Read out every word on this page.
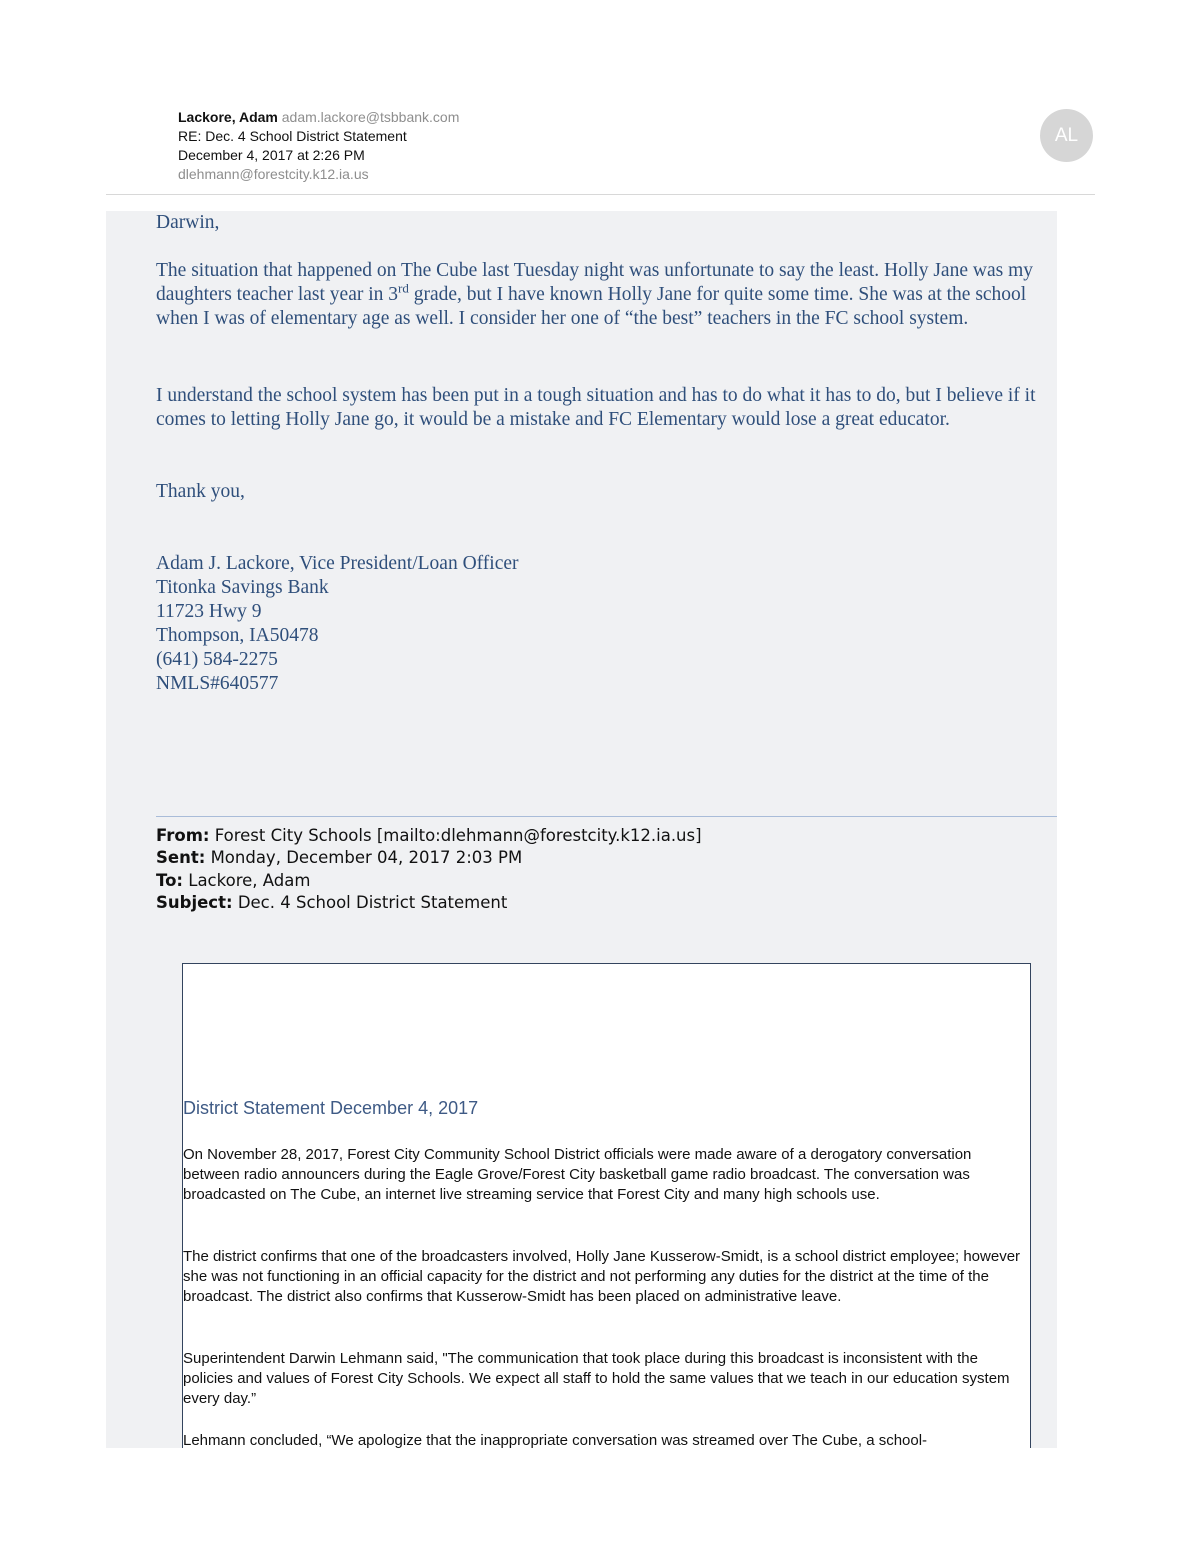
Lackore, Adam adam.lackore@tsbbank.com
RE: Dec. 4 School District Statement
December 4, 2017 at 2:26 PM
dlehmann@forestcity.k12.ia.us
AL
Darwin,
The situation that happened on The Cube last Tuesday night was unfortunate to say the least. Holly Jane was my daughters teacher last year in 3rd grade, but I have known Holly Jane for quite some time. She was at the school when I was of elementary age as well. I consider her one of “the best” teachers in the FC school system.
I understand the school system has been put in a tough situation and has to do what it has to do, but I believe if it comes to letting Holly Jane go, it would be a mistake and FC Elementary would lose a great educator.
Thank you,
Adam J. Lackore, Vice President/Loan Officer
Titonka Savings Bank
11723 Hwy 9
Thompson, IA50478
(641) 584-2275
NMLS#640577
From: Forest City Schools [mailto:dlehmann@forestcity.k12.ia.us]
Sent: Monday, December 04, 2017 2:03 PM
To: Lackore, Adam
Subject: Dec. 4 School District Statement
District Statement December 4, 2017
On November 28, 2017, Forest City Community School District officials were made aware of a derogatory conversation between radio announcers during the Eagle Grove/Forest City basketball game radio broadcast. The conversation was broadcasted on The Cube, an internet live streaming service that Forest City and many high schools use.
The district confirms that one of the broadcasters involved, Holly Jane Kusserow-Smidt, is a school district employee; however she was not functioning in an official capacity for the district and not performing any duties for the district at the time of the broadcast. The district also confirms that Kusserow-Smidt has been placed on administrative leave.
Superintendent Darwin Lehmann said, "The communication that took place during this broadcast is inconsistent with the policies and values of Forest City Schools. We expect all staff to hold the same values that we teach in our education system every day.”
Lehmann concluded, “We apologize that the inappropriate conversation was streamed over The Cube, a school-
